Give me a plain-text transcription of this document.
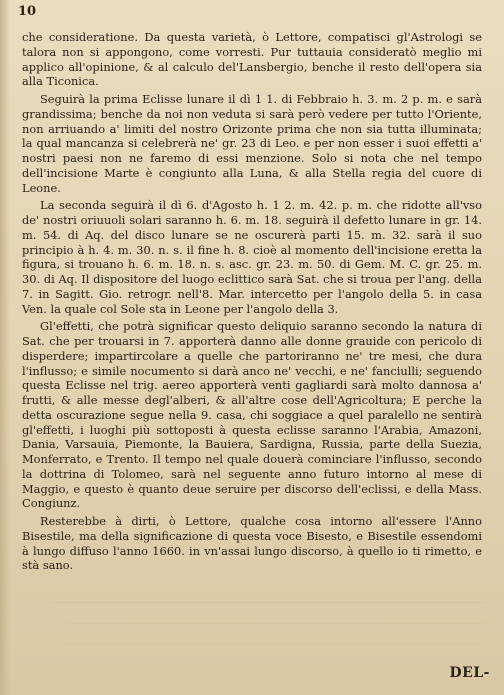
10

che consideratione. Da questa varietà, ò Lettore, compatisci gl'Astrologi se talora non si appongono, come vorresti. Pur tuttauia consideratò meglio mi applico all'opinione, & al calculo del'Lansbergio, benche il resto dell'opera sia alla Ticonica.

Seguirà la prima Eclisse lunare il dì 1 1. di Febbraio h. 3. m. 2 p. m. e sarà grandissima; benche da noi non veduta si sarà però vedere per tutto l'Oriente, non arriuando a' limiti del nostro Orizonte prima che non sia tutta illuminata; la qual mancanza si celebrerà ne' gr. 23 di Leo. e per non esser i suoi effetti a' nostri paesi non ne faremo di essi menzione. Solo si nota che nel tempo dell'incisione Marte è congiunto alla Luna, & alla Stella regia del cuore di Leone.

La seconda seguirà il dì 6. d'Agosto h. 1 2. m. 42. p. m. che ridotte all'vso de' nostri oriuuoli solari saranno h. 6. m. 18. seguirà il defetto lunare in gr. 14. m. 54. di Aq. del disco lunare se ne oscurerà parti 15. m. 32. sarà il suo principio à h. 4. m. 30. n. s. il fine h. 8. cioè al momento dell'incisione eretta la figura, si trouano h. 6. m. 18. n. s. asc. gr. 23. m. 50. di Gem. M. C. gr. 25. m. 30. di Aq. Il dispositore del luogo eclittico sarà Sat. che si troua per l'ang. della 7. in Sagitt. Gio. retrogr. nell'8. Mar. intercetto per l'angolo della 5. in casa Ven. la quale col Sole sta in Leone per l'angolo della 3.

Gl'effetti, che potrà significar questo deliquio saranno secondo la natura di Sat. che per trouarsi in 7. apporterà danno alle donne grauide con pericolo di disperdere; impartircolare a quelle che partoriranno ne' tre mesi, che dura l'influsso; e simile nocumento si darà anco ne' vecchi, e ne' fanciulli; seguendo questa Eclisse nel trig. aereo apporterà venti gagliardi sarà molto dannosa a' frutti, & alle messe degl'alberi, & all'altre cose dell'Agricoltura; E perche la detta oscurazione segue nella 9. casa, chi soggiace a quel paralello ne sentirà gl'effetti, i luoghi più sottoposti à questa eclisse saranno l'Arabia, Amazoni, Dania, Varsauia, Piemonte, la Bauiera, Sardigna, Russia, parte della Suezia, Monferrato, e Trento. Il tempo nel quale douerà cominciare l'influsso, secondo la dottrina di Tolomeo, sarà nel seguente anno futuro intorno al mese di Maggio, e questo è quanto deue seruire per discorso dell'eclissi, e della Mass. Congiunz.

Resterebbe à dirti, ò Lettore, qualche cosa intorno all'essere l'Anno Bisestile, ma della significazione di questa voce Bisesto, e Bisestile essendomi à lungo diffuso l'anno 1660. in vn'assai lungo discorso, à quello io ti rimetto, e stà sano.

DEL-
